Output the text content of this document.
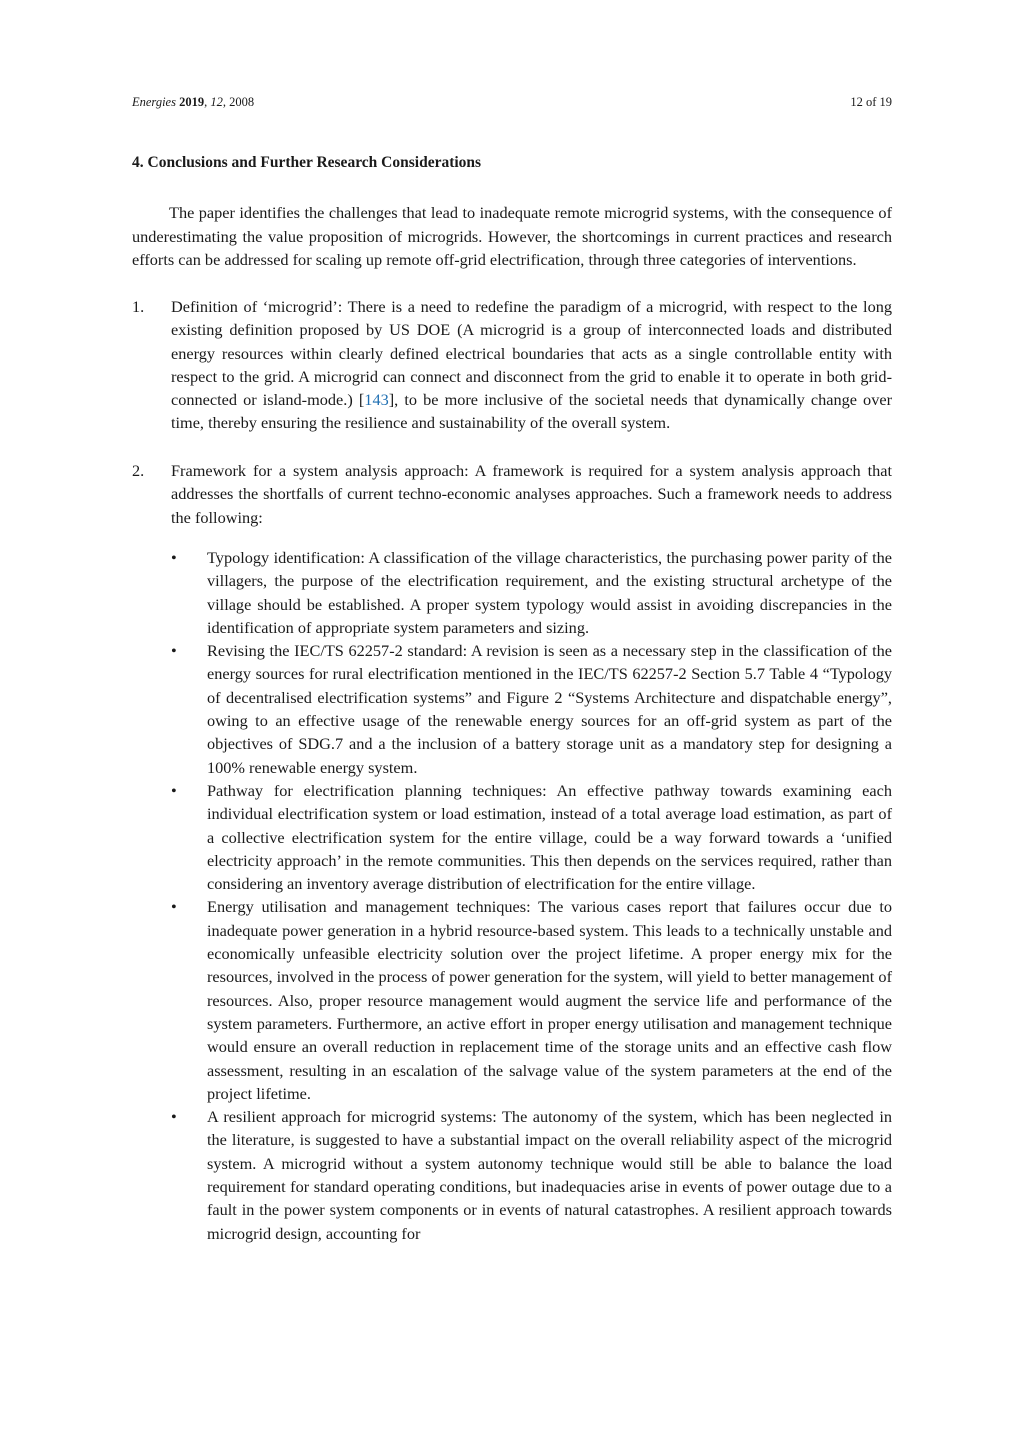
Energies 2019, 12, 2008	12 of 19
4. Conclusions and Further Research Considerations

The paper identifies the challenges that lead to inadequate remote microgrid systems, with the consequence of underestimating the value proposition of microgrids. However, the shortcomings in current practices and research efforts can be addressed for scaling up remote off-grid electrification, through three categories of interventions.

1. Definition of ‘microgrid’: There is a need to redefine the paradigm of a microgrid, with respect to the long existing definition proposed by US DOE (A microgrid is a group of interconnected loads and distributed energy resources within clearly defined electrical boundaries that acts as a single controllable entity with respect to the grid. A microgrid can connect and disconnect from the grid to enable it to operate in both grid-connected or island-mode.) [143], to be more inclusive of the societal needs that dynamically change over time, thereby ensuring the resilience and sustainability of the overall system.
2. Framework for a system analysis approach: A framework is required for a system analysis approach that addresses the shortfalls of current techno-economic analyses approaches. Such a framework needs to address the following:
•	Typology identification: A classification of the village characteristics, the purchasing power parity of the villagers, the purpose of the electrification requirement, and the existing structural archetype of the village should be established. A proper system typology would assist in avoiding discrepancies in the identification of appropriate system parameters and sizing.
•	Revising the IEC/TS 62257-2 standard: A revision is seen as a necessary step in the classification of the energy sources for rural electrification mentioned in the IEC/TS 62257-2 Section 5.7 Table 4 “Typology of decentralised electrification systems” and Figure 2 “Systems Architecture and dispatchable energy”, owing to an effective usage of the renewable energy sources for an off-grid system as part of the objectives of SDG.7 and a the inclusion of a battery storage unit as a mandatory step for designing a 100% renewable energy system.
•	Pathway for electrification planning techniques: An effective pathway towards examining each individual electrification system or load estimation, instead of a total average load estimation, as part of a collective electrification system for the entire village, could be a way forward towards a ‘unified electricity approach’ in the remote communities. This then depends on the services required, rather than considering an inventory average distribution of electrification for the entire village.
•	Energy utilisation and management techniques: The various cases report that failures occur due to inadequate power generation in a hybrid resource-based system. This leads to a technically unstable and economically unfeasible electricity solution over the project lifetime. A proper energy mix for the resources, involved in the process of power generation for the system, will yield to better management of resources. Also, proper resource management would augment the service life and performance of the system parameters. Furthermore, an active effort in proper energy utilisation and management technique would ensure an overall reduction in replacement time of the storage units and an effective cash flow assessment, resulting in an escalation of the salvage value of the system parameters at the end of the project lifetime.
•	A resilient approach for microgrid systems: The autonomy of the system, which has been neglected in the literature, is suggested to have a substantial impact on the overall reliability aspect of the microgrid system. A microgrid without a system autonomy technique would still be able to balance the load requirement for standard operating conditions, but inadequacies arise in events of power outage due to a fault in the power system components or in events of natural catastrophes. A resilient approach towards microgrid design, accounting for
